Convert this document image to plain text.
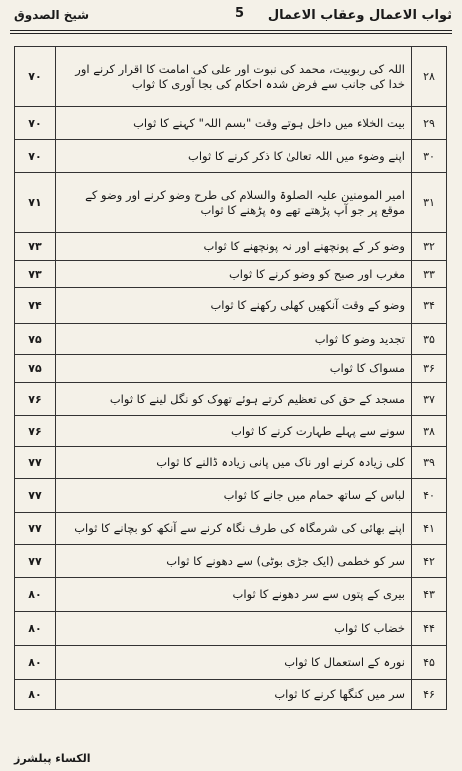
ثواب الاعمال وعقاب الاعمال
5
شیخ الصدوق
۷۰	اللہ کی ربوبیت، محمد کی نبوت اور علی کی امامت کا اقرار کرنے اور خدا کی جانب سے فرض شدہ احکام کی بجا آوری کا ثواب	۲۸
۷۰	بیت الخلاء میں داخل ہوتے وقت "بسم اللہ" کہنے کا ثواب	۲۹
۷۰	اپنے وضوء میں اللہ تعالیٰ کا ذکر کرنے کا ثواب	۳۰
۷۱	امیر المومنین علیہ الصلوۃ والسلام کی طرح وضو کرنے اور وضو کے موقع پر جو آپ پڑھتے تھے وہ پڑھنے کا ثواب	۳۱
۷۳	وضو کر کے پونچھنے اور نہ پونچھنے کا ثواب	۳۲
۷۳	مغرب اور صبح کو وضو کرنے کا ثواب	۳۳
۷۴	وضو کے وقت آنکھیں کھلی رکھنے کا ثواب	۳۴
۷۵	تجدید وضو کا ثواب	۳۵
۷۵	مسواک کا ثواب	۳۶
۷۶	مسجد کے حق کی تعظیم کرتے ہوئے تھوک کو نگل لینے کا ثواب	۳۷
۷۶	سونے سے پہلے طہارت کرنے کا ثواب	۳۸
۷۷	کلی زیادہ کرنے اور ناک میں پانی زیادہ ڈالنے کا ثواب	۳۹
۷۷	لباس کے ساتھ حمام میں جانے کا ثواب	۴۰
۷۷	اپنے بھائی کی شرمگاہ کی طرف نگاہ کرنے سے آنکھ کو بچانے کا ثواب	۴۱
۷۷	سر کو خطمی (ایک جڑی بوٹی) سے دھونے کا ثواب	۴۲
۸۰	بیری کے پتوں سے سر دھونے کا ثواب	۴۳
۸۰	خضاب کا ثواب	۴۴
۸۰	نورہ کے استعمال کا ثواب	۴۵
۸۰	سر میں کنگھا کرنے کا ثواب	۴۶
الکساء پبلشرز
